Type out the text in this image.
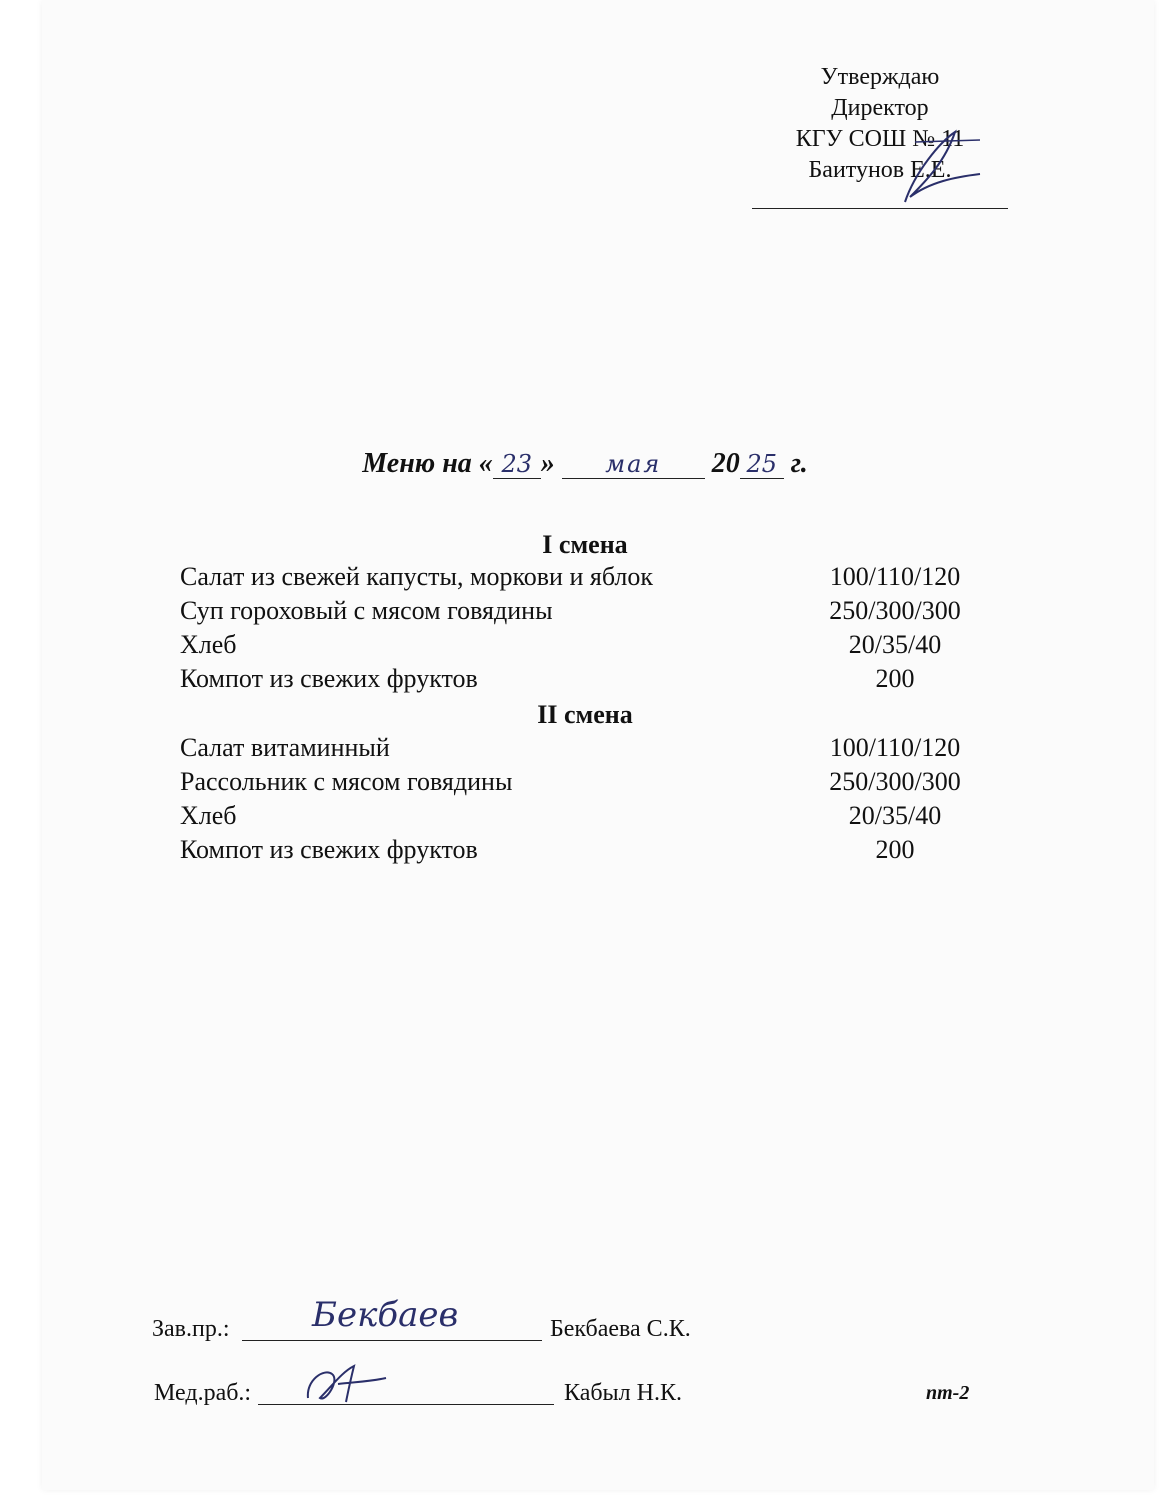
Утверждаю
Директор
КГУ СОШ № 11
Баитунов Е.Е.
Меню на « 23 » мая 20 25 г.
I смена
Салат из свежей капусты, моркови и яблок	100/110/120
Суп гороховый с мясом говядины	250/300/300
Хлеб	20/35/40
Компот из свежих фруктов	200
II смена
Салат витаминный	100/110/120
Рассольник с мясом говядины	250/300/300
Хлеб	20/35/40
Компот из свежих фруктов	200
Зав.пр.: Бекбаев	Бекбаева С.К.
Мед.раб.:	Кабыл Н.К.	пт-2
